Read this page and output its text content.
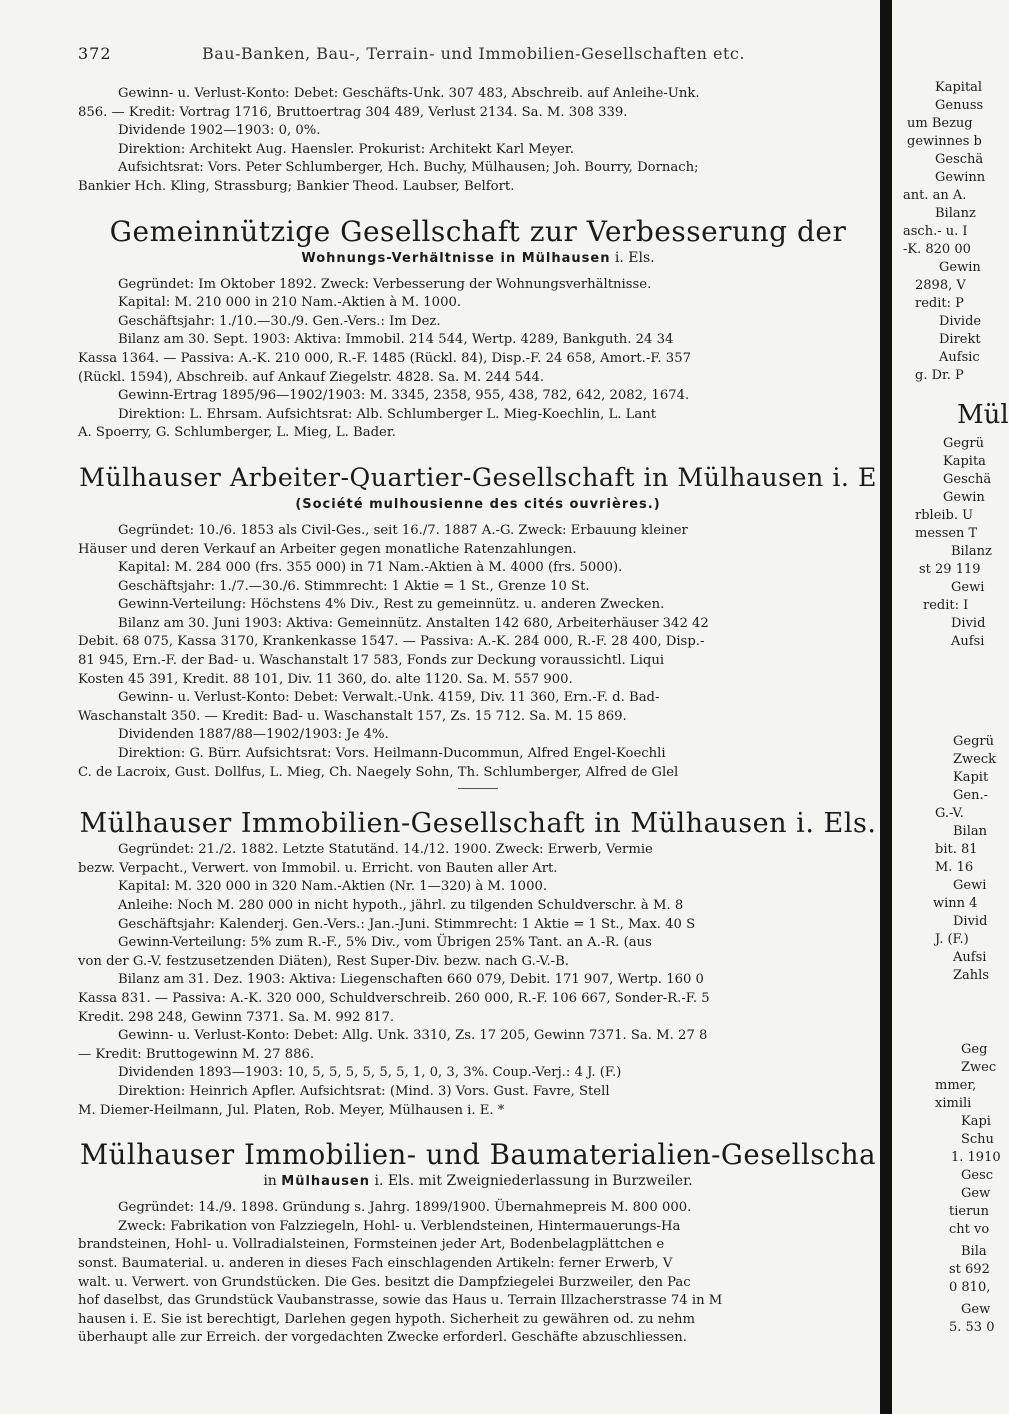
372	Bau-Banken, Bau-, Terrain- und Immobilien-Gesellschaften etc.

Gewinn- u. Verlust-Konto: Debet: Geschäfts-Unk. 307 483, Abschreib. auf Anleihe-Unk.

856. — Kredit: Vortrag 1716, Bruttoertrag 304 489, Verlust 2134. Sa. M. 308 339.

Dividende 1902—1903: 0, 0%.

Direktion: Architekt Aug. Haensler. Prokurist: Architekt Karl Meyer.

Aufsichtsrat: Vors. Peter Schlumberger, Hch. Buchy, Mülhausen; Joh. Bourry, Dornach;

Bankier Hch. Kling, Strassburg; Bankier Theod. Laubser, Belfort.

Gemeinnützige Gesellschaft zur Verbesserung der
Wohnungs-Verhältnisse in Mülhausen i. Els.

Gegründet: Im Oktober 1892. Zweck: Verbesserung der Wohnungsverhältnisse.

Kapital: M. 210 000 in 210 Nam.-Aktien à M. 1000.

Geschäftsjahr: 1./10.—30./9. Gen.-Vers.: Im Dez.

Bilanz am 30. Sept. 1903: Aktiva: Immobil. 214 544, Wertp. 4289, Bankguth. 24 34

Kassa 1364. — Passiva: A.-K. 210 000, R.-F. 1485 (Rückl. 84), Disp.-F. 24 658, Amort.-F. 357

(Rückl. 1594), Abschreib. auf Ankauf Ziegelstr. 4828. Sa. M. 244 544.

Gewinn-Ertrag 1895/96—1902/1903: M. 3345, 2358, 955, 438, 782, 642, 2082, 1674.

Direktion: L. Ehrsam. Aufsichtsrat: Alb. Schlumberger L. Mieg-Koechlin, L. Lant

A. Spoerry, G. Schlumberger, L. Mieg, L. Bader.

Mülhauser Arbeiter-Quartier-Gesellschaft in Mülhausen i. E
(Société mulhousienne des cités ouvrières.)

Gegründet: 10./6. 1853 als Civil-Ges., seit 16./7. 1887 A.-G. Zweck: Erbauung kleiner

Häuser und deren Verkauf an Arbeiter gegen monatliche Ratenzahlungen.

Kapital: M. 284 000 (frs. 355 000) in 71 Nam.-Aktien à M. 4000 (frs. 5000).

Geschäftsjahr: 1./7.—30./6. Stimmrecht: 1 Aktie = 1 St., Grenze 10 St.

Gewinn-Verteilung: Höchstens 4% Div., Rest zu gemeinnütz. u. anderen Zwecken.

Bilanz am 30. Juni 1903: Aktiva: Gemeinnütz. Anstalten 142 680, Arbeiterhäuser 342 42

Debit. 68 075, Kassa 3170, Krankenkasse 1547. — Passiva: A.-K. 284 000, R.-F. 28 400, Disp.-

81 945, Ern.-F. der Bad- u. Waschanstalt 17 583, Fonds zur Deckung voraussichtl. Liqui

Kosten 45 391, Kredit. 88 101, Div. 11 360, do. alte 1120. Sa. M. 557 900.

Gewinn- u. Verlust-Konto: Debet: Verwalt.-Unk. 4159, Div. 11 360, Ern.-F. d. Bad-

Waschanstalt 350. — Kredit: Bad- u. Waschanstalt 157, Zs. 15 712. Sa. M. 15 869.

Dividenden 1887/88—1902/1903: Je 4%.

Direktion: G. Bürr. Aufsichtsrat: Vors. Heilmann-Ducommun, Alfred Engel-Koechli

C. de Lacroix, Gust. Dollfus, L. Mieg, Ch. Naegely Sohn, Th. Schlumberger, Alfred de Glel

Mülhauser Immobilien-Gesellschaft in Mülhausen i. Els.

Gegründet: 21./2. 1882. Letzte Statutänd. 14./12. 1900. Zweck: Erwerb, Vermie

bezw. Verpacht., Verwert. von Immobil. u. Erricht. von Bauten aller Art.

Kapital: M. 320 000 in 320 Nam.-Aktien (Nr. 1—320) à M. 1000.

Anleihe: Noch M. 280 000 in nicht hypoth., jährl. zu tilgenden Schuldverschr. à M. 8

Geschäftsjahr: Kalenderj. Gen.-Vers.: Jan.-Juni. Stimmrecht: 1 Aktie = 1 St., Max. 40 S

Gewinn-Verteilung: 5% zum R.-F., 5% Div., vom Übrigen 25% Tant. an A.-R. (aus

von der G.-V. festzusetzenden Diäten), Rest Super-Div. bezw. nach G.-V.-B.

Bilanz am 31. Dez. 1903: Aktiva: Liegenschaften 660 079, Debit. 171 907, Wertp. 160 0

Kassa 831. — Passiva: A.-K. 320 000, Schuldverschreib. 260 000, R.-F. 106 667, Sonder-R.-F. 5

Kredit. 298 248, Gewinn 7371. Sa. M. 992 817.

Gewinn- u. Verlust-Konto: Debet: Allg. Unk. 3310, Zs. 17 205, Gewinn 7371. Sa. M. 27 8

— Kredit: Bruttogewinn M. 27 886.

Dividenden 1893—1903: 10, 5, 5, 5, 5, 5, 5, 1, 0, 3, 3%. Coup.-Verj.: 4 J. (F.)

Direktion: Heinrich Apfler. Aufsichtsrat: (Mind. 3) Vors. Gust. Favre, Stell

M. Diemer-Heilmann, Jul. Platen, Rob. Meyer, Mülhausen i. E. *

Mülhauser Immobilien- und Baumaterialien-Gesellscha
in Mülhausen i. Els. mit Zweigniederlassung in Burzweiler.

Gegründet: 14./9. 1898. Gründung s. Jahrg. 1899/1900. Übernahmepreis M. 800 000.

Zweck: Fabrikation von Falzziegeln, Hohl- u. Verblendsteinen, Hintermauerungs-Ha

brandsteinen, Hohl- u. Vollradialsteinen, Formsteinen jeder Art, Bodenbelagplättchen e

sonst. Baumaterial. u. anderen in dieses Fach einschlagenden Artikeln: ferner Erwerb, V

walt. u. Verwert. von Grundstücken. Die Ges. besitzt die Dampfziegelei Burzweiler, den Pac

hof daselbst, das Grundstück Vaubanstrasse, sowie das Haus u. Terrain Illzacherstrasse 74 in M

hausen i. E. Sie ist berechtigt, Darlehen gegen hypoth. Sicherheit zu gewähren od. zu nehm

überhaupt alle zur Erreich. der vorgedachten Zwecke erforderl. Geschäfte abzuschliessen.

Kapital
Genuss
um Bezug
gewinnes b
Geschä
Gewinn
ant. an A.
Bilanz
asch.- u. I
-K. 820 00
Gewin
2898, V
redit: P
Divide
Direkt
Aufsic
g. Dr. P
Mül
Gegrü
Kapita
Geschä
Gewin
rbleib. U
messen T
Bilanz
st 29 119
Gewi
redit: I
Divid
Aufsi
Gegrü
Zweck
Kapit
Gen.-
G.-V.
Bilan
bit. 81
M. 16
Gewi
winn 4
Divid
J. (F.)
Aufsi
Zahls
Geg
Zwec
mmer,
ximili
Kapi
Schu
1. 1910
Gesc
Gew
tierun
cht vo
Bila
st 692
0 810,
Gew
5. 53 0
